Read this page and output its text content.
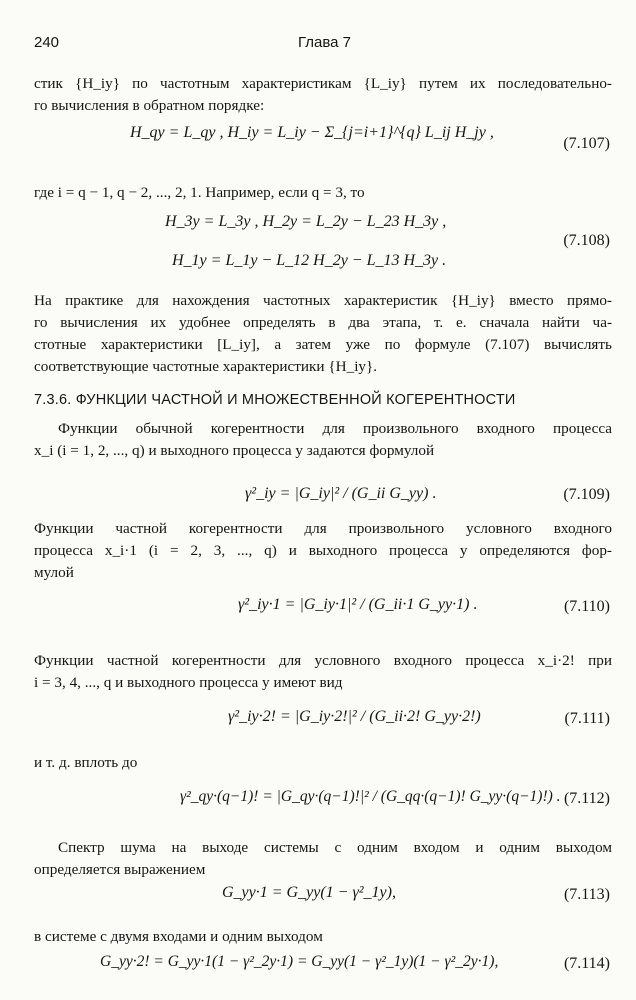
240	Глава 7
стик {H_iy} по частотным характеристикам {L_iy} путем их последовательно-
го вычисления в обратном порядке:
H_qy = L_qy , H_iy = L_iy − Σ_{j=i+1}^{q} L_ij H_jy ,
(7.107)
где i = q − 1, q − 2, ..., 2, 1. Например, если q = 3, то
H_3y = L_3y , H_2y = L_2y − L_23 H_3y ,
H_1y = L_1y − L_12 H_2y − L_13 H_3y .
(7.108)
На практике для нахождения частотных характеристик {H_iy} вместо прямо-
го вычисления их удобнее определять в два этапа, т. е. сначала найти ча-
стотные характеристики [L_iy], а затем уже по формуле (7.107) вычислять
соответствующие частотные характеристики {H_iy}.
7.3.6. ФУНКЦИИ ЧАСТНОЙ И МНОЖЕСТВЕННОЙ КОГЕРЕНТНОСТИ
Функции обычной когерентности для произвольного входного процесса
x_i (i = 1, 2, ..., q) и выходного процесса y задаются формулой
γ²_iy = |G_iy|² / (G_ii G_yy) .	(7.109)
Функции частной когерентности для произвольного условного входного
процесса x_i·1 (i = 2, 3, ..., q) и выходного процесса y определяются фор-
мулой
γ²_iy·1 = |G_iy·1|² / (G_ii·1 G_yy·1) .	(7.110)
Функции частной когерентности для условного входного процесса x_i·2! при
i = 3, 4, ..., q и выходного процесса y имеют вид
γ²_iy·2! = |G_iy·2!|² / (G_ii·2! G_yy·2!)	(7.111)
и т. д. вплоть до
γ²_qy·(q−1)! = |G_qy·(q−1)!|² / (G_qq·(q−1)! G_yy·(q−1)!) . (7.112)
Спектр шума на выходе системы с одним входом и одним выходом
определяется выражением
G_yy·1 = G_yy(1 − γ²_1y),	(7.113)
в системе с двумя входами и одним выходом
G_yy·2! = G_yy·1(1 − γ²_2y·1) = G_yy(1 − γ²_1y)(1 − γ²_2y·1),	(7.114)
